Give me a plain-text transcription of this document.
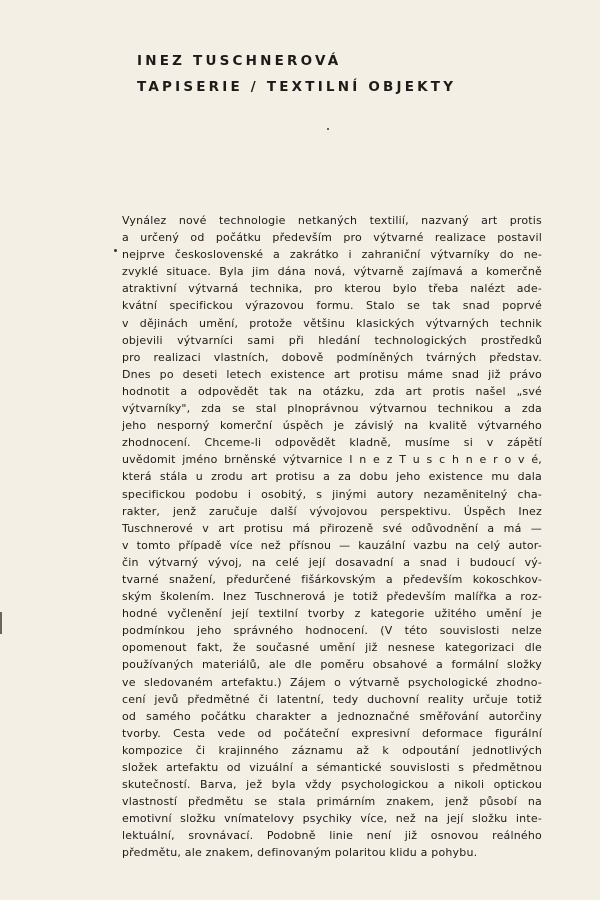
INEZ TUSCHNEROVÁ

TAPISERIE / TEXTILNÍ OBJEKTY

Vynález nové technologie netkaných textilií, nazvaný art protis
a určený od počátku především pro výtvarné realizace postavil
nejprve československé a zakrátko i zahraniční výtvarníky do ne-
zvyklé situace. Byla jim dána nová, výtvarně zajímavá a komerčně
atraktivní výtvarná technika, pro kterou bylo třeba nalézt ade-
kvátní specifickou výrazovou formu. Stalo se tak snad poprvé
v dějinách umění, protože většinu klasických výtvarných technik
objevili výtvarníci sami při hledání technologických prostředků
pro realizaci vlastních, dobově podmíněných tvárných představ.
Dnes po deseti letech existence art protisu máme snad již právo
hodnotit a odpovědět tak na otázku, zda art protis našel „své
výtvarníky", zda se stal plnoprávnou výtvarnou technikou a zda
jeho nesporný komerční úspěch je závislý na kvalitě výtvarného
zhodnocení. Chceme-li odpovědět kladně, musíme si v zápětí
uvědomit jméno brněnské výtvarnice I n e z T u s c h n e r o v é,
která stála u zrodu art protisu a za dobu jeho existence mu dala
specifickou podobu i osobitý, s jinými autory nezaměnitelný cha-
rakter, jenž zaručuje další vývojovou perspektivu. Úspěch Inez
Tuschnerové v art protisu má přirozeně své odůvodnění a má —
v tomto případě více než přísnou — kauzální vazbu na celý autor-
čin výtvarný vývoj, na celé její dosavadní a snad i budoucí vý-
tvarné snažení, předurčené fišárkovským a především kokoschkov-
ským školením. Inez Tuschnerová je totiž především malířka a roz-
hodné vyčlenění její textilní tvorby z kategorie užitého umění je
podmínkou jeho správného hodnocení. (V této souvislosti nelze
opomenout fakt, že současné umění již nesnese kategorizaci dle
používaných materiálů, ale dle poměru obsahové a formální složky
ve sledovaném artefaktu.) Zájem o výtvarně psychologické zhodno-
cení jevů předmětné či latentní, tedy duchovní reality určuje totiž
od samého počátku charakter a jednoznačné směřování autorčiny
tvorby. Cesta vede od počáteční expresivní deformace figurální
kompozice či krajinného záznamu až k odpoutání jednotlivých
složek artefaktu od vizuální a sémantické souvislosti s předmětnou
skutečností. Barva, jež byla vždy psychologickou a nikoli optickou
vlastností předmětu se stala primárním znakem, jenž působí na
emotivní složku vnímatelovy psychiky více, než na její složku inte-
lektuální, srovnávací. Podobně linie není již osnovou reálného
předmětu, ale znakem, definovaným polaritou klidu a pohybu.
